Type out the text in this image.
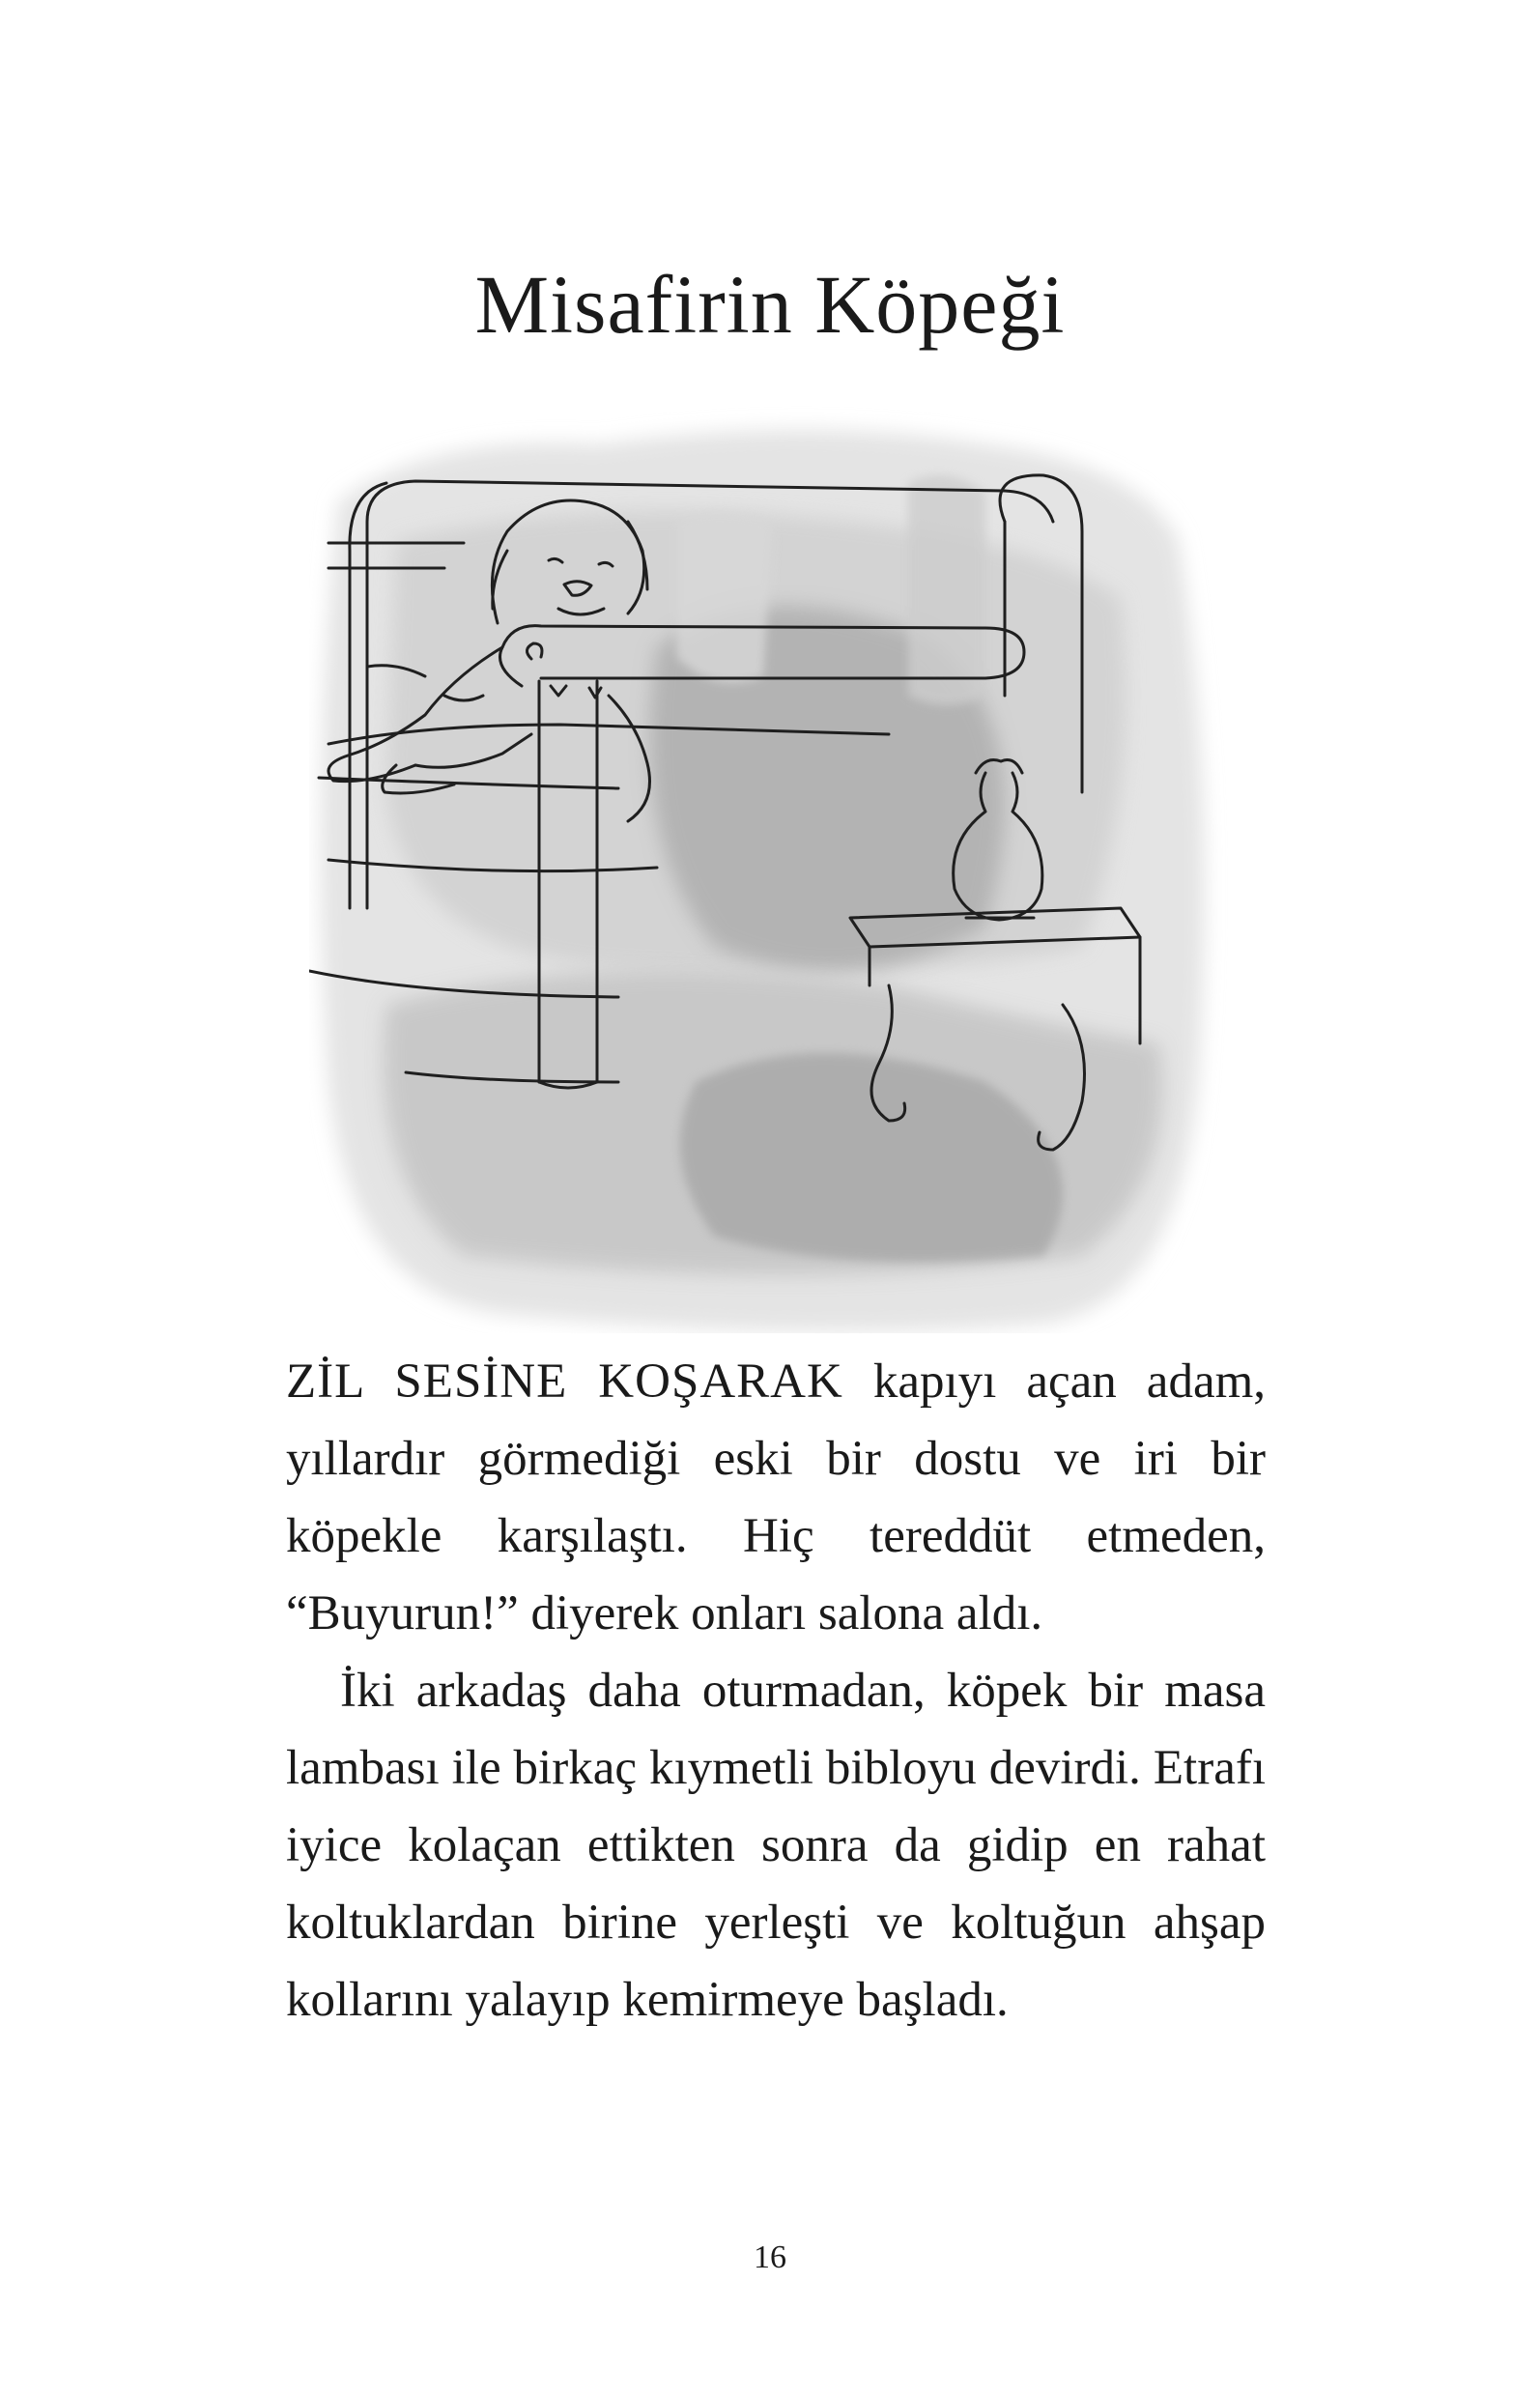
Misafirin Köpeği

ZİL SESİNE KOŞARAK kapıyı açan adam, yıllardır görmediği eski bir dostu ve iri bir köpekle karşılaştı. Hiç tereddüt etmeden, “Buyurun!” diyerek onları salona aldı.

İki arkadaş daha oturmadan, köpek bir masa lambası ile birkaç kıymetli bibloyu devirdi. Etrafı iyice kolaçan ettikten sonra da gidip en rahat koltuklardan birine yerleşti ve koltuğun ahşap kollarını yalayıp kemirmeye başladı.

16
